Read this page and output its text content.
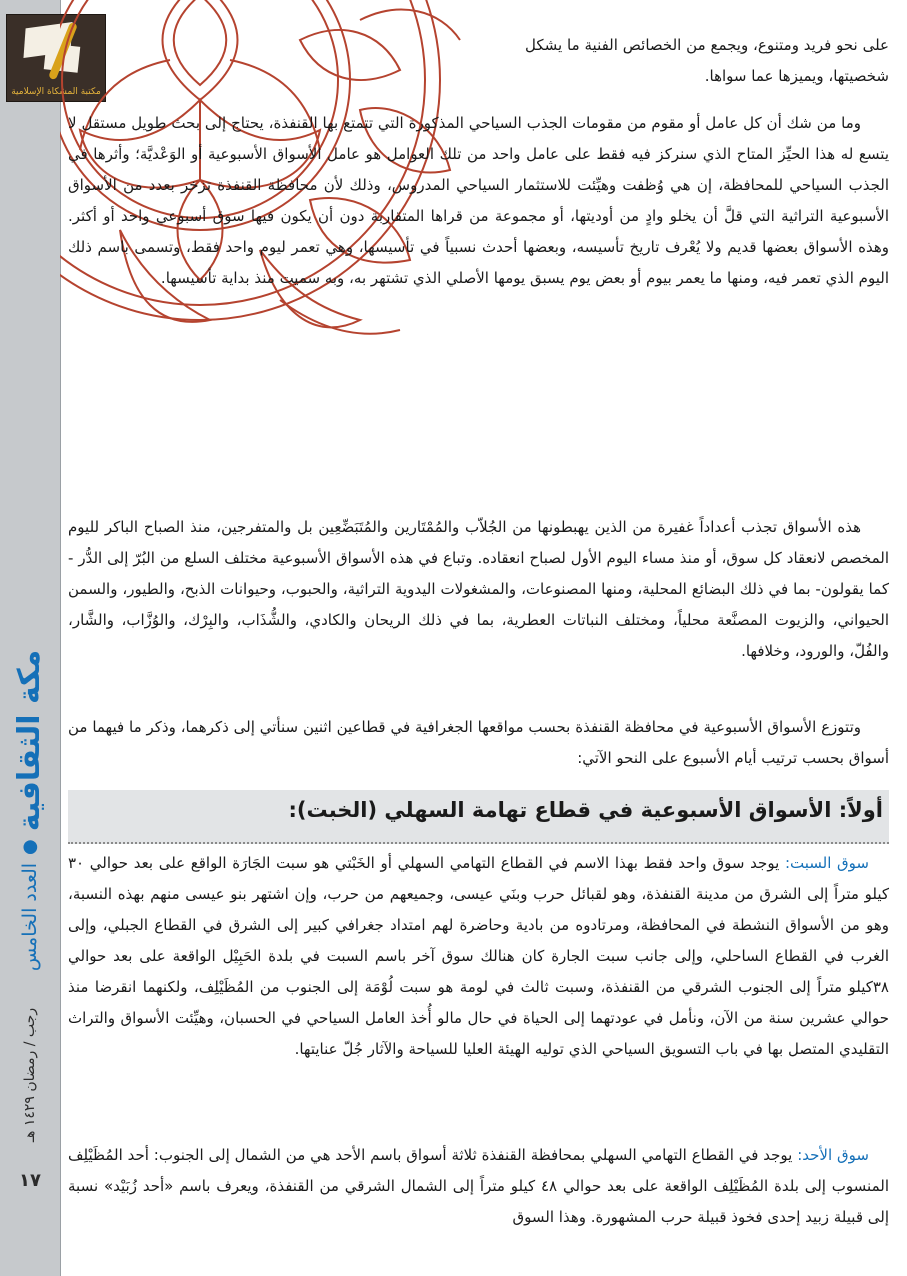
مكتبة المشكاة الإسلامية
مكة الثقافية
●
العدد الخامس
رجب / رمضان ١٤٢٩ هـ
١٧

على نحو فريد ومتنوع، ويجمع من الخصائص الفنية ما يشكل شخصيتها، ويميزها عما سواها.

وما من شك أن كل عامل أو مقوم من مقومات الجذب السياحي المذكورة التي تتمتع بها القنفذة، يحتاج إلى بحث طويل مستقل لا يتسع له هذا الحيِّز المتاح الذي سنركز فيه فقط على عامل واحد من تلك العوامل هو عامل الأسواق الأسبوعية أو الوَعْديَّة؛ وأثرها في الجذب السياحي للمحافظة، إن هي وُظفت وهيِّئت للاستثمار السياحي المدروس، وذلك لأن محافظة القنفذة تزخر بعدد من الأسواق الأسبوعية التراثية التي قلَّ أن يخلو وادٍ من أوديتها، أو مجموعة من قراها المتقاربة دون أن يكون فيها سوق أسبوعي واحد أو أكثر. وهذه الأسواق بعضها قديم ولا يُعْرف تاريخ تأسيسه، وبعضها أحدث نسبياً في تأسيسها، وهي تعمر ليوم واحد فقط، وتسمى باسم ذلك اليوم الذي تعمر فيه، ومنها ما يعمر بيوم أو بعض يوم يسبق يومها الأصلي الذي تشتهر به، وبه سميت منذ بداية تأسيسها.

هذه الأسواق تجذب أعداداً غفيرة من الذين يهبطونها من الجُلاّب والمُمْتَارين والمُتَبَضِّعِين بل والمتفرجين، منذ الصباح الباكر لليوم المخصص لانعقاد كل سوق، أو منذ مساء اليوم الأول لصباح انعقاده. وتباع في هذه الأسواق الأسبوعية مختلف السلع من البُرّ إلى الدُّر - كما يقولون- بما في ذلك البضائع المحلية، ومنها المصنوعات، والمشغولات اليدوية التراثية، والحبوب، وحيوانات الذبح، والطيور، والسمن الحيواني، والزيوت المصنَّعة محلياً، ومختلف النباتات العطرية، بما في ذلك الريحان والكادي، والشُّذَاب، والبِرْك، والوُزَّاب، والشَّار، والفُلّ، والورود، وخلافها.

وتتوزع الأسواق الأسبوعية في محافظة القنفذة بحسب مواقعها الجغرافية في قطاعين اثنين سنأتي إلى ذكرهما، وذكر ما فيهما من أسواق بحسب ترتيب أيام الأسبوع على النحو الآتي:

أولاً: الأسواق الأسبوعية في قطاع تهامة السهلي (الخبت):

سوق السبت: يوجد سوق واحد فقط بهذا الاسم في القطاع التهامي السهلي أو الخَبْتي هو سبت الجَارَة الواقع على بعد حوالي ٣٠ كيلو متراً إلى الشرق من مدينة القنفذة، وهو لقبائل حرب وبنَي عيسى، وجميعهم من حرب، وإن اشتهر بنو عيسى منهم بهذه النسبة، وهو من الأسواق النشطة في المحافظة، ومرتادوه من بادية وحاضرة لهم امتداد جغرافي كبير إلى الشرق في القطاع الجبلي، وإلى الغرب في القطاع الساحلي، وإلى جانب سبت الجارة كان هنالك سوق آخر باسم السبت في بلدة الحَبِيْل الواقعة على بعد حوالي ٣٨كيلو متراً إلى الجنوب الشرقي من القنفذة، وسبت ثالث في لومة هو سبت لُوْمَة إلى الجنوب من المُظَيْلِف، ولكنهما انقرضا منذ حوالي عشرين سنة من الآن، ونأمل في عودتهما إلى الحياة في حال مالو أُخذ العامل السياحي في الحسبان، وهيِّئت الأسواق والتراث التقليدي المتصل بها في باب التسويق السياحي الذي توليه الهيئة العليا للسياحة والآثار جُلّ عنايتها.

سوق الأحد: يوجد في القطاع التهامي السهلي بمحافظة القنفذة ثلاثة أسواق باسم الأحد هي من الشمال إلى الجنوب: أحد المُظَيْلِف المنسوب إلى بلدة المُظَيْلِف الواقعة على بعد حوالي ٤٨ كيلو متراً إلى الشمال الشرقي من القنفذة، ويعرف باسم «أحد زُبَيْد» نسبة إلى قبيلة زبيد إحدى فخوذ قبيلة حرب المشهورة. وهذا السوق
